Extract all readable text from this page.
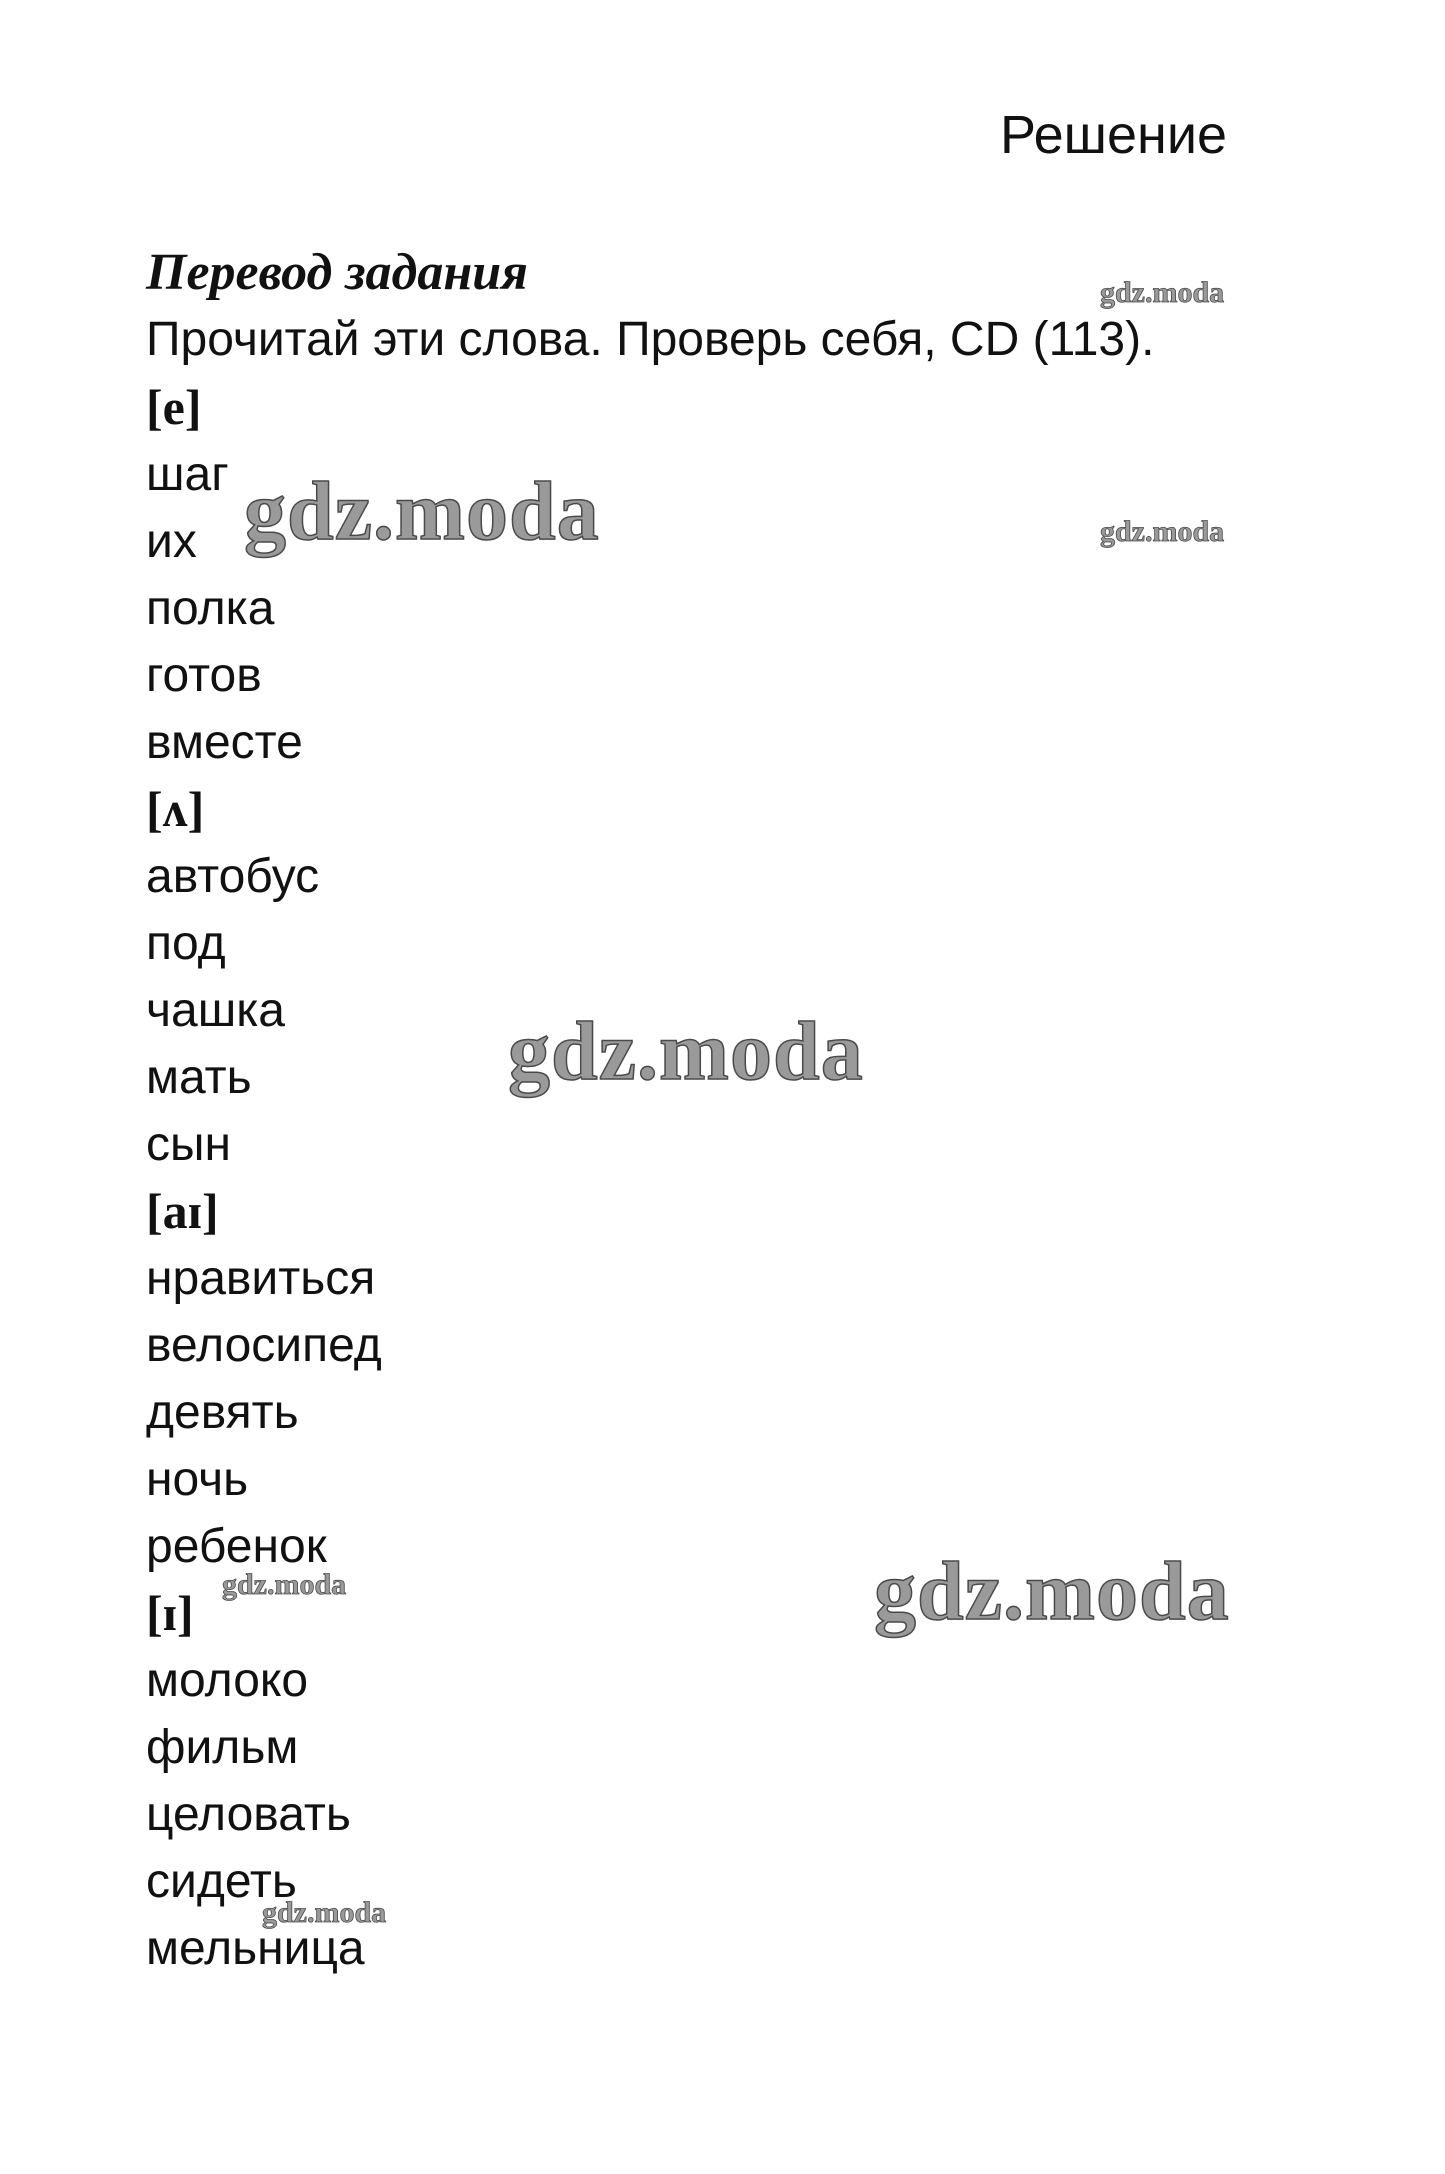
Решение
Перевод задания
Прочитай эти слова. Проверь себя, CD (113).
[e]
шаг
их
полка
готов
вместе
[ʌ]
автобус
под
чашка
мать
сын
[aɪ]
нравиться
велосипед
девять
ночь
ребенок
[ɪ]
молоко
фильм
целовать
сидеть
мельница
gdz.moda
gdz.moda	gdz.moda
gdz.moda
gdz.moda
gdz.moda
gdz.moda
